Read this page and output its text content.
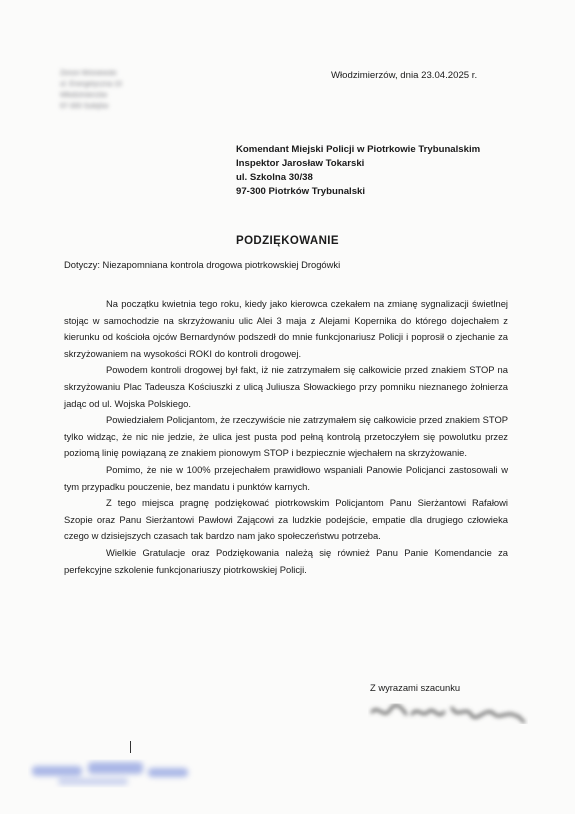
Zenon Wiśniewski
ul. Energetyczna 10
Włodzimierzów
97-300 Sulejów
Włodzimierzów, dnia 23.04.2025 r.
Komendant Miejski Policji w Piotrkowie Trybunalskim
Inspektor Jarosław Tokarski
ul. Szkolna 30/38
97-300 Piotrków Trybunalski
PODZIĘKOWANIE
Dotyczy: Niezapomniana kontrola drogowa piotrkowskiej Drogówki

Na początku kwietnia tego roku, kiedy jako kierowca czekałem na zmianę sygnalizacji świetlnej stojąc w samochodzie na skrzyżowaniu ulic Alei 3 maja z Alejami Kopernika do którego dojechałem z kierunku od kościoła ojców Bernardynów podszedł do mnie funkcjonariusz Policji i poprosił o zjechanie za skrzyżowaniem na wysokości ROKI do kontroli drogowej.

Powodem kontroli drogowej był fakt, iż nie zatrzymałem się całkowicie przed znakiem STOP na skrzyżowaniu Plac Tadeusza Kościuszki z ulicą Juliusza Słowackiego przy pomniku nieznanego żołnierza jadąc od ul. Wojska Polskiego.

Powiedziałem Policjantom, że rzeczywiście nie zatrzymałem się całkowicie przed znakiem STOP tylko widząc, że nic nie jedzie, że ulica jest pusta pod pełną kontrolą przetoczyłem się powolutku przez poziomą linię powiązaną ze znakiem pionowym STOP i bezpiecznie wjechałem na skrzyżowanie.

Pomimo, że nie w 100% przejechałem prawidłowo wspaniali Panowie Policjanci zastosowali w tym przypadku pouczenie, bez mandatu i punktów karnych.

Z tego miejsca pragnę podziękować piotrkowskim Policjantom Panu Sierżantowi Rafałowi Szopie oraz Panu Sierżantowi Pawłowi Zającowi za ludzkie podejście, empatie dla drugiego człowieka czego w dzisiejszych czasach tak bardzo nam jako społeczeństwu potrzeba.

Wielkie Gratulacje oraz Podziękowania należą się również Panu Panie Komendancie za perfekcyjne szkolenie funkcjonariuszy piotrkowskiej Policji.

Z wyrazami szacunku
